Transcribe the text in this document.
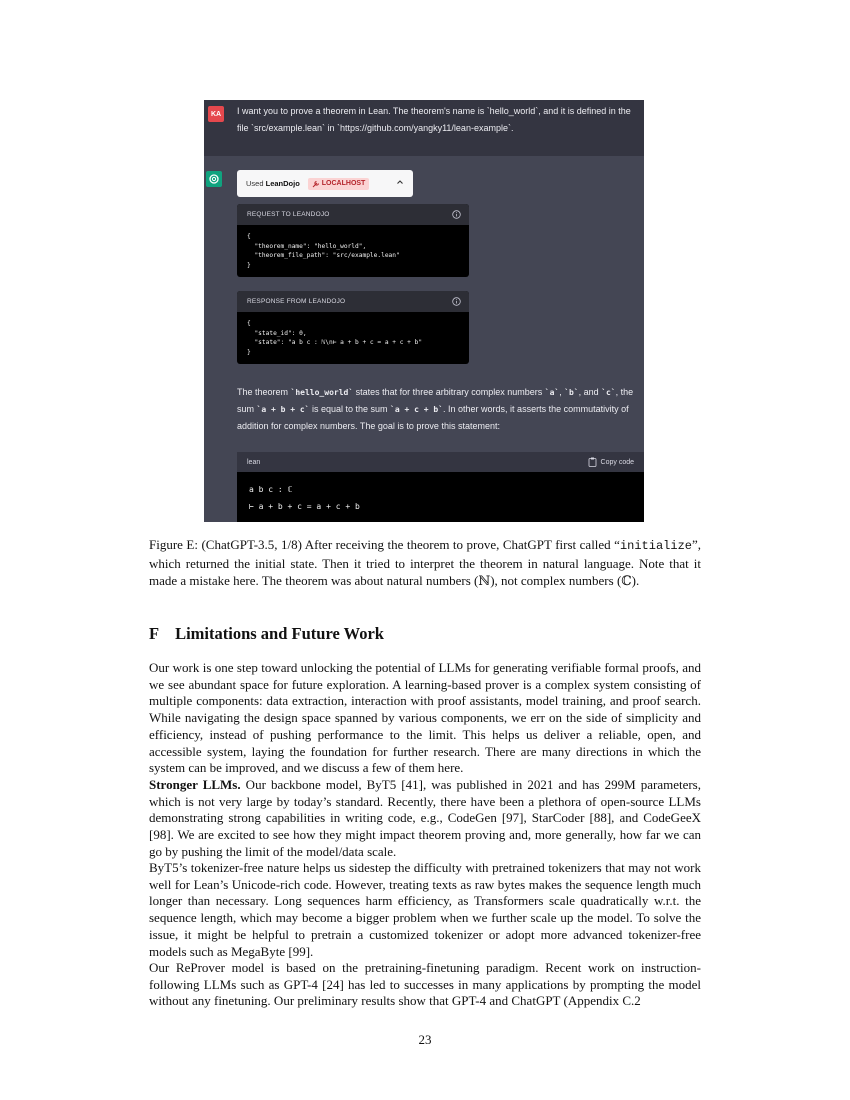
KA	I want you to prove a theorem in Lean. The theorem's name is `hello_world`, and it is defined in the file `src/example.lean` in `https://github.com/yangky11/lean-example`.
Used LeanDojo	LOCALHOST
REQUEST TO LEANDOJO
{
"theorem_name": "hello_world",
"theorem_file_path": "src/example.lean"
}
RESPONSE FROM LEANDOJO
{
"state_id": 0,
"state": "a b c : ℕ\n⊢ a + b + c = a + c + b"
}
The theorem `hello_world` states that for three arbitrary complex numbers `a`, `b`, and `c`, the sum `a + b + c` is equal to the sum `a + c + b`. In other words, it asserts the commutativity of addition for complex numbers. The goal is to prove this statement:
lean	Copy code
a b c : ℂ
⊢ a + b + c = a + c + b
Figure E: (ChatGPT-3.5, 1/8) After receiving the theorem to prove, ChatGPT first called “initialize”, which returned the initial state. Then it tried to interpret the theorem in natural language. Note that it made a mistake here. The theorem was about natural numbers (ℕ), not complex numbers (ℂ).
F Limitations and Future Work

Our work is one step toward unlocking the potential of LLMs for generating verifiable formal proofs, and we see abundant space for future exploration. A learning-based prover is a complex system consisting of multiple components: data extraction, interaction with proof assistants, model training, and proof search. While navigating the design space spanned by various components, we err on the side of simplicity and efficiency, instead of pushing performance to the limit. This helps us deliver a reliable, open, and accessible system, laying the foundation for further research. There are many directions in which the system can be improved, and we discuss a few of them here.

Stronger LLMs. Our backbone model, ByT5 [41], was published in 2021 and has 299M parameters, which is not very large by today’s standard. Recently, there have been a plethora of open-source LLMs demonstrating strong capabilities in writing code, e.g., CodeGen [97], StarCoder [88], and CodeGeeX [98]. We are excited to see how they might impact theorem proving and, more generally, how far we can go by pushing the limit of the model/data scale.

ByT5’s tokenizer-free nature helps us sidestep the difficulty with pretrained tokenizers that may not work well for Lean’s Unicode-rich code. However, treating texts as raw bytes makes the sequence length much longer than necessary. Long sequences harm efficiency, as Transformers scale quadratically w.r.t. the sequence length, which may become a bigger problem when we further scale up the model. To solve the issue, it might be helpful to pretrain a customized tokenizer or adopt more advanced tokenizer-free models such as MegaByte [99].

Our ReProver model is based on the pretraining-finetuning paradigm. Recent work on instruction-following LLMs such as GPT-4 [24] has led to successes in many applications by prompting the model without any finetuning. Our preliminary results show that GPT-4 and ChatGPT (Appendix C.2

23
